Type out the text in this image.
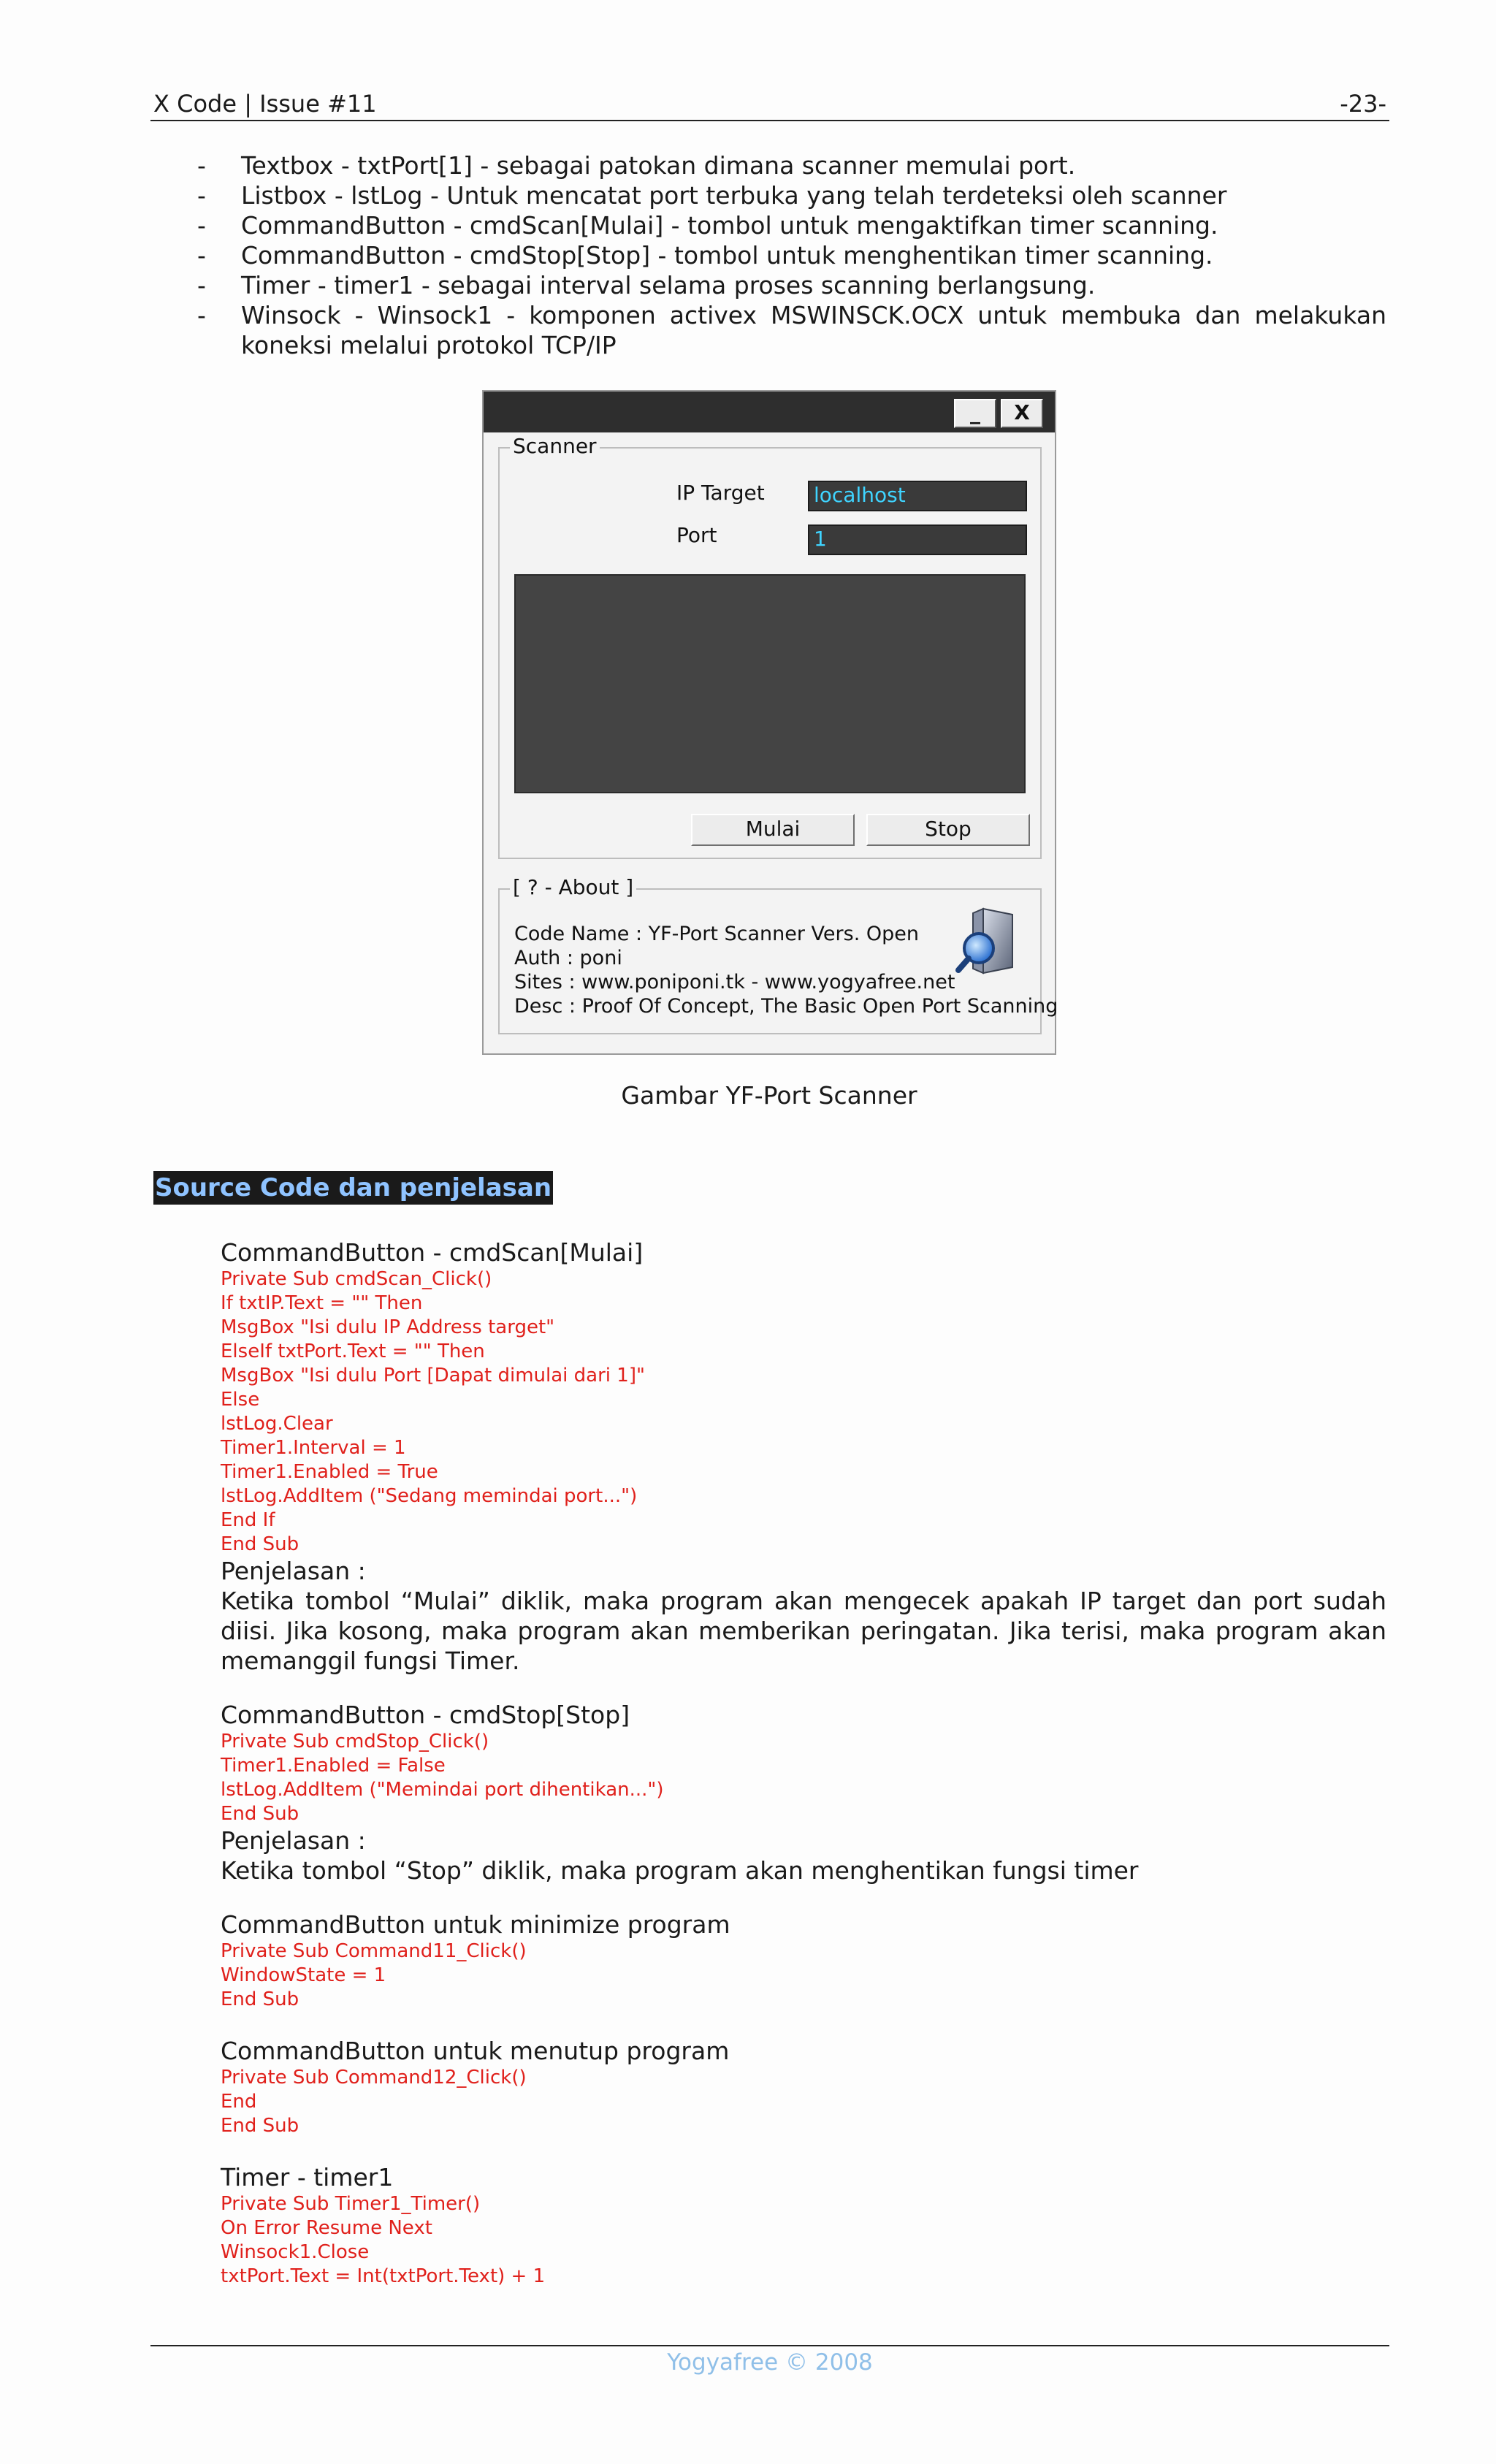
X Code | Issue #11	-23-
- Textbox - txtPort[1] - sebagai patokan dimana scanner memulai port.
- Listbox - lstLog - Untuk mencatat port terbuka yang telah terdeteksi oleh scanner
- CommandButton - cmdScan[Mulai] - tombol untuk mengaktifkan timer scanning.
- CommandButton - cmdStop[Stop] - tombol untuk menghentikan timer scanning.
- Timer - timer1 - sebagai interval selama proses scanning berlangsung.
- Winsock - Winsock1 - komponen activex MSWINSCK.OCX untuk membuka dan melakukan koneksi melalui protokol TCP/IP
_	X
Scanner
IP Target localhost
Port	1
Mulai	Stop
[ ? - About ]
Code Name : YF-Port Scanner Vers. Open
Auth : poni
Sites : www.poniponi.tk - www.yogyafree.net
Desc : Proof Of Concept, The Basic Open Port Scanning
Gambar YF-Port Scanner
Source Code dan penjelasan
CommandButton - cmdScan[Mulai]
Private Sub cmdScan_Click()
If txtIP.Text = "" Then
MsgBox "Isi dulu IP Address target"
ElseIf txtPort.Text = "" Then
MsgBox "Isi dulu Port [Dapat dimulai dari 1]"
Else
lstLog.Clear
Timer1.Interval = 1
Timer1.Enabled = True
lstLog.AddItem ("Sedang memindai port...")
End If
End Sub
Penjelasan :
Ketika tombol “Mulai” diklik, maka program akan mengecek apakah IP target dan port sudah diisi. Jika kosong, maka program akan memberikan peringatan. Jika terisi, maka program akan memanggil fungsi Timer.
CommandButton - cmdStop[Stop]
Private Sub cmdStop_Click()
Timer1.Enabled = False
lstLog.AddItem ("Memindai port dihentikan...")
End Sub
Penjelasan :
Ketika tombol “Stop” diklik, maka program akan menghentikan fungsi timer
CommandButton untuk minimize program
Private Sub Command11_Click()
WindowState = 1
End Sub
CommandButton untuk menutup program
Private Sub Command12_Click()
End
End Sub
Timer - timer1
Private Sub Timer1_Timer()
On Error Resume Next
Winsock1.Close
txtPort.Text = Int(txtPort.Text) + 1
Yogyafree © 2008
